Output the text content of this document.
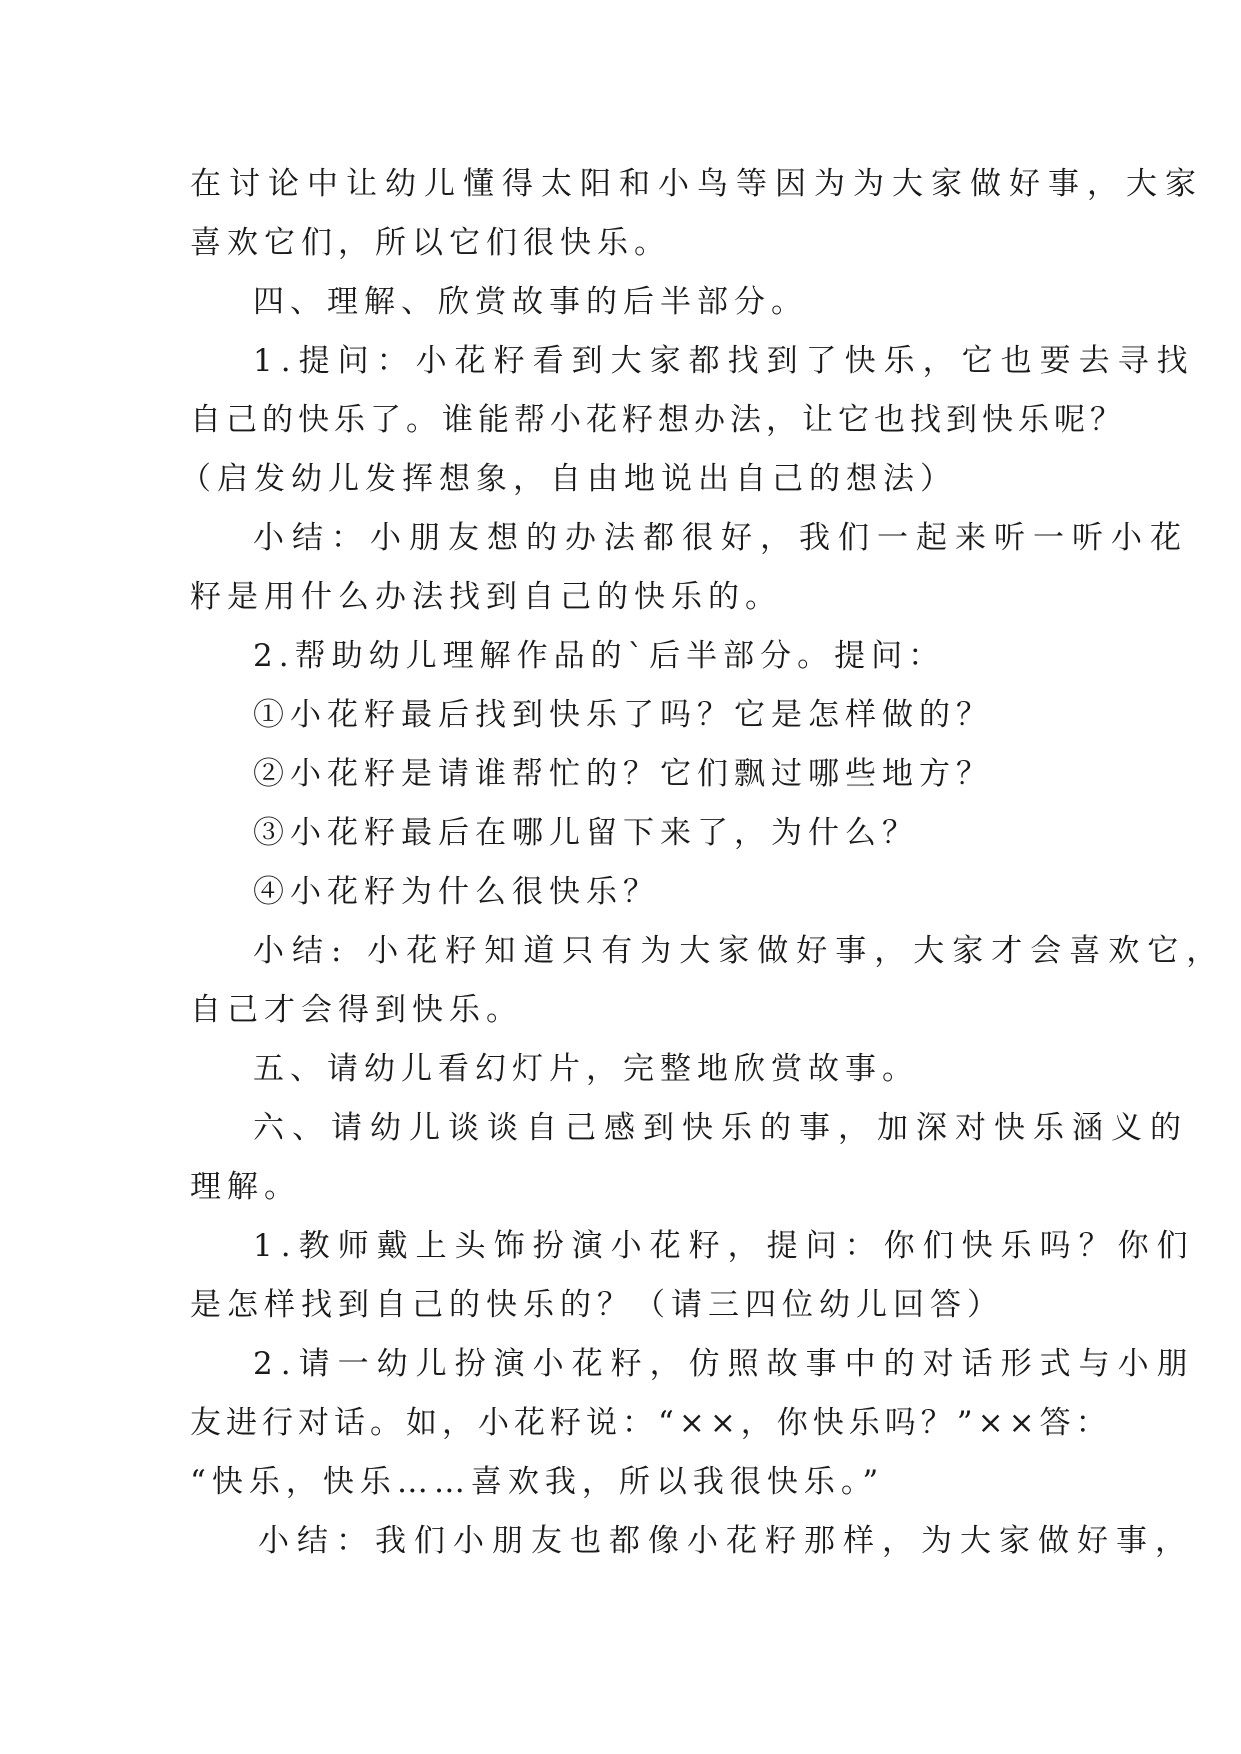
在讨论中让幼儿懂得太阳和小鸟等因为为大家做好事，大家
喜欢它们，所以它们很快乐。
四、理解、欣赏故事的后半部分。
1.提问：小花籽看到大家都找到了快乐，它也要去寻找
自己的快乐了。谁能帮小花籽想办法，让它也找到快乐呢？
（启发幼儿发挥想象，自由地说出自己的想法）
小结：小朋友想的办法都很好，我们一起来听一听小花
籽是用什么办法找到自己的快乐的。
2.帮助幼儿理解作品的`后半部分。提问：
①小花籽最后找到快乐了吗？它是怎样做的？
②小花籽是请谁帮忙的？它们飘过哪些地方？
③小花籽最后在哪儿留下来了，为什么？
④小花籽为什么很快乐？
小结: 小花籽知道只有为大家做好事，大家才会喜欢它，
自己才会得到快乐。
五、请幼儿看幻灯片，完整地欣赏故事。
六、请幼儿谈谈自己感到快乐的事，加深对快乐涵义的
理解。
1.教师戴上头饰扮演小花籽，提问：你们快乐吗？你们
是怎样找到自己的快乐的？（请三四位幼儿回答）
2.请一幼儿扮演小花籽，仿照故事中的对话形式与小朋
友进行对话。如，小花籽说：“××，你快乐吗？”××答：
“快乐，快乐……喜欢我，所以我很快乐。”
小结：我们小朋友也都像小花籽那样，为大家做好事，
